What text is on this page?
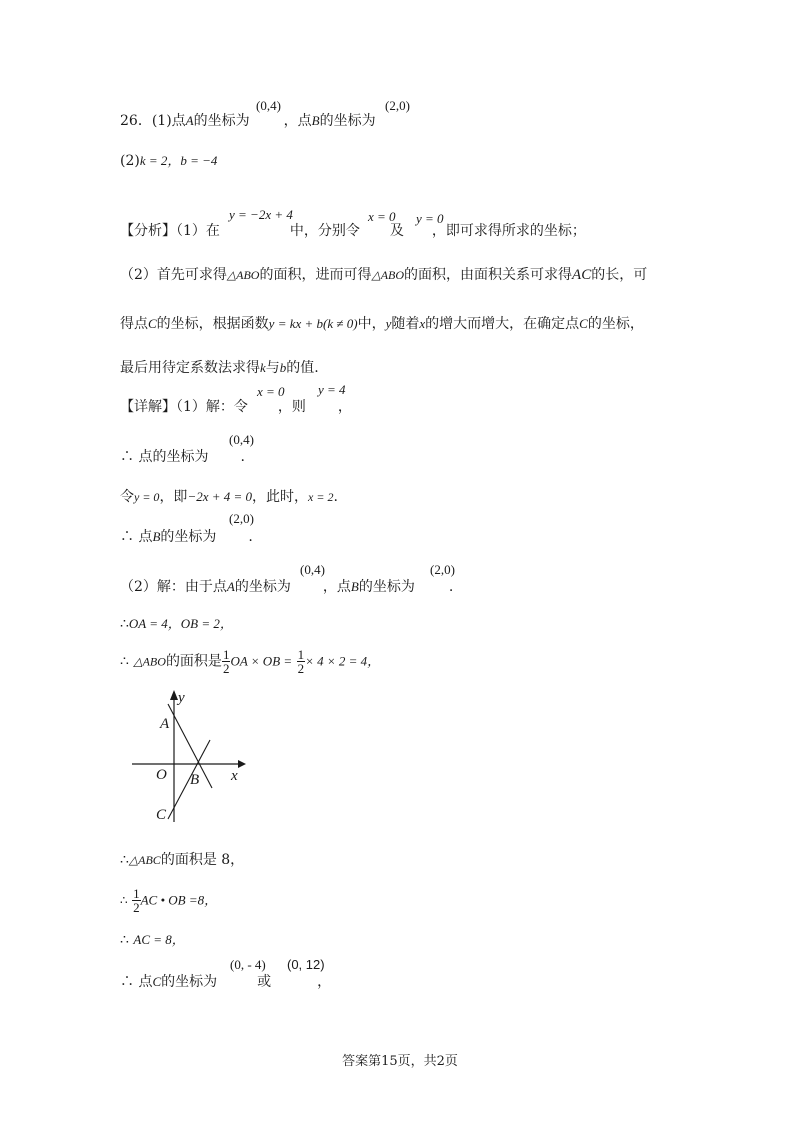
26．(1)点A的坐标为 ，点B的坐标为
(0,4)	(2,0)
(2)k = 2，b = −4
【分析】（1）在	中，分别令 及 ，即可求得所求的坐标；
y = −2x + 4	x = 0 y = 0
（2）首先可求得△ABO的面积，进而可得△ABO的面积，由面积关系可求得AC的长，可
得点C的坐标，根据函数y = kx + b(k ≠ 0)中，y随着x的增大而增大，在确定点C的坐标，
最后用待定系数法求得k与b的值.
【详解】（1）解：令 ，则 ，
x = 0	y = 4
∴ 点的坐标为 .
(0,4)
令y = 0，即−2x + 4 = 0，此时，x = 2.
∴ 点B的坐标为 .
(2,0)
（2）解：由于点A的坐标为 ，点B的坐标为 .
(0,4)	(2,0)
∴OA = 4，OB = 2，
∴ △ABO的面积是 $\frac{1}{2}$ OA × OB = $\frac{1}{2} \times 4 \times 2 = 4$，
y
x
A
O B
C
∴△ABC的面积是 8，
∴ $\frac{1}{2}$ AC • OB =8，
∴ AC = 8，
∴ 点C的坐标为	或	，
(0, - 4) (0, 12)
答案第15页，共2页
